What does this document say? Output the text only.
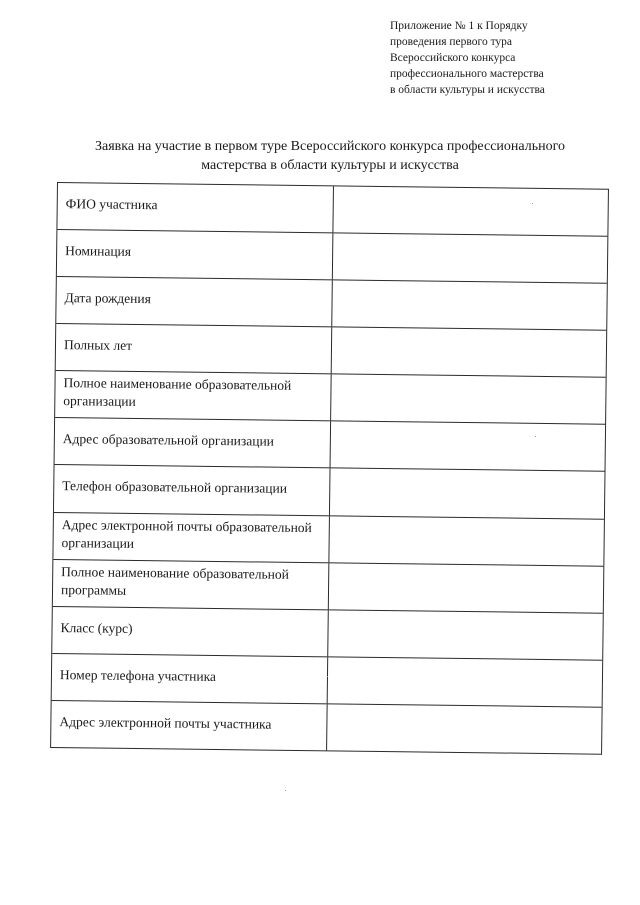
Приложение № 1 к Порядку
проведения первого тура
Всероссийского конкурса
профессионального мастерства
в области культуры и искусства
Заявка на участие в первом туре Всероссийского конкурса профессионального
мастерства в области культуры и искусства
ФИО участника
Номинация
Дата рождения
Полных лет
Полное наименование образовательной организации
Адрес образовательной организации
Телефон образовательной организации
Адрес электронной почты образовательной организации
Полное наименование образовательной программы
Класс (курс)
Номер телефона участника
Адрес электронной почты участника
